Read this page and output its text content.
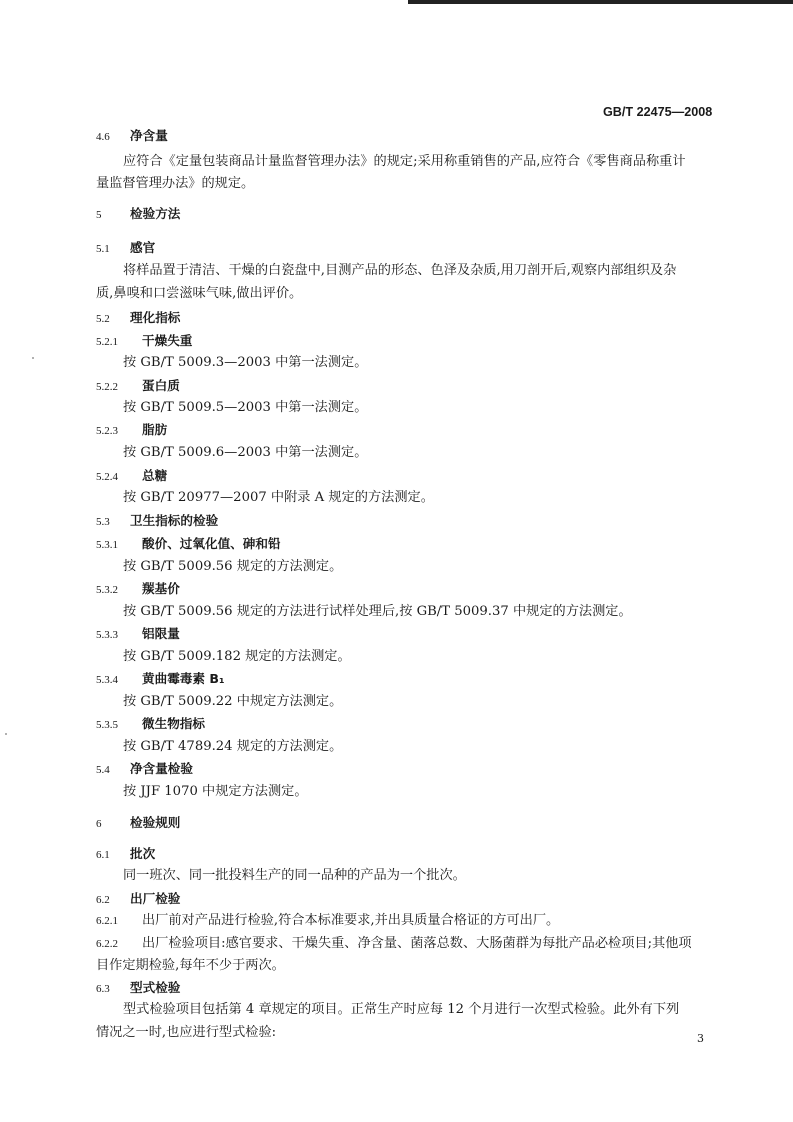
GB/T 22475—2008
4.6 净含量
应符合《定量包装商品计量监督管理办法》的规定;采用称重销售的产品,应符合《零售商品称重计
量监督管理办法》的规定。
5 检验方法
5.1 感官
将样品置于清洁、干燥的白瓷盘中,目测产品的形态、色泽及杂质,用刀剖开后,观察内部组织及杂
质,鼻嗅和口尝滋味气味,做出评价。
5.2 理化指标
5.2.1 干燥失重
按 GB/T 5009.3—2003 中第一法测定。
5.2.2 蛋白质
按 GB/T 5009.5—2003 中第一法测定。
5.2.3 脂肪
按 GB/T 5009.6—2003 中第一法测定。
5.2.4 总糖
按 GB/T 20977—2007 中附录 A 规定的方法测定。
5.3 卫生指标的检验
5.3.1 酸价、过氧化值、砷和铅
按 GB/T 5009.56 规定的方法测定。
5.3.2 羰基价
按 GB/T 5009.56 规定的方法进行试样处理后,按 GB/T 5009.37 中规定的方法测定。
5.3.3 铝限量
按 GB/T 5009.182 规定的方法测定。
5.3.4 黄曲霉毒素 B₁
按 GB/T 5009.22 中规定方法测定。
5.3.5 微生物指标
按 GB/T 4789.24 规定的方法测定。
5.4 净含量检验
按 JJF 1070 中规定方法测定。
6 检验规则
6.1 批次
同一班次、同一批投料生产的同一品种的产品为一个批次。
6.2 出厂检验
6.2.1 出厂前对产品进行检验,符合本标准要求,并出具质量合格证的方可出厂。
6.2.2 出厂检验项目:感官要求、干燥失重、净含量、菌落总数、大肠菌群为每批产品必检项目;其他项
目作定期检验,每年不少于两次。
6.3 型式检验
型式检验项目包括第 4 章规定的项目。正常生产时应每 12 个月进行一次型式检验。此外有下列
情况之一时,也应进行型式检验:	3
